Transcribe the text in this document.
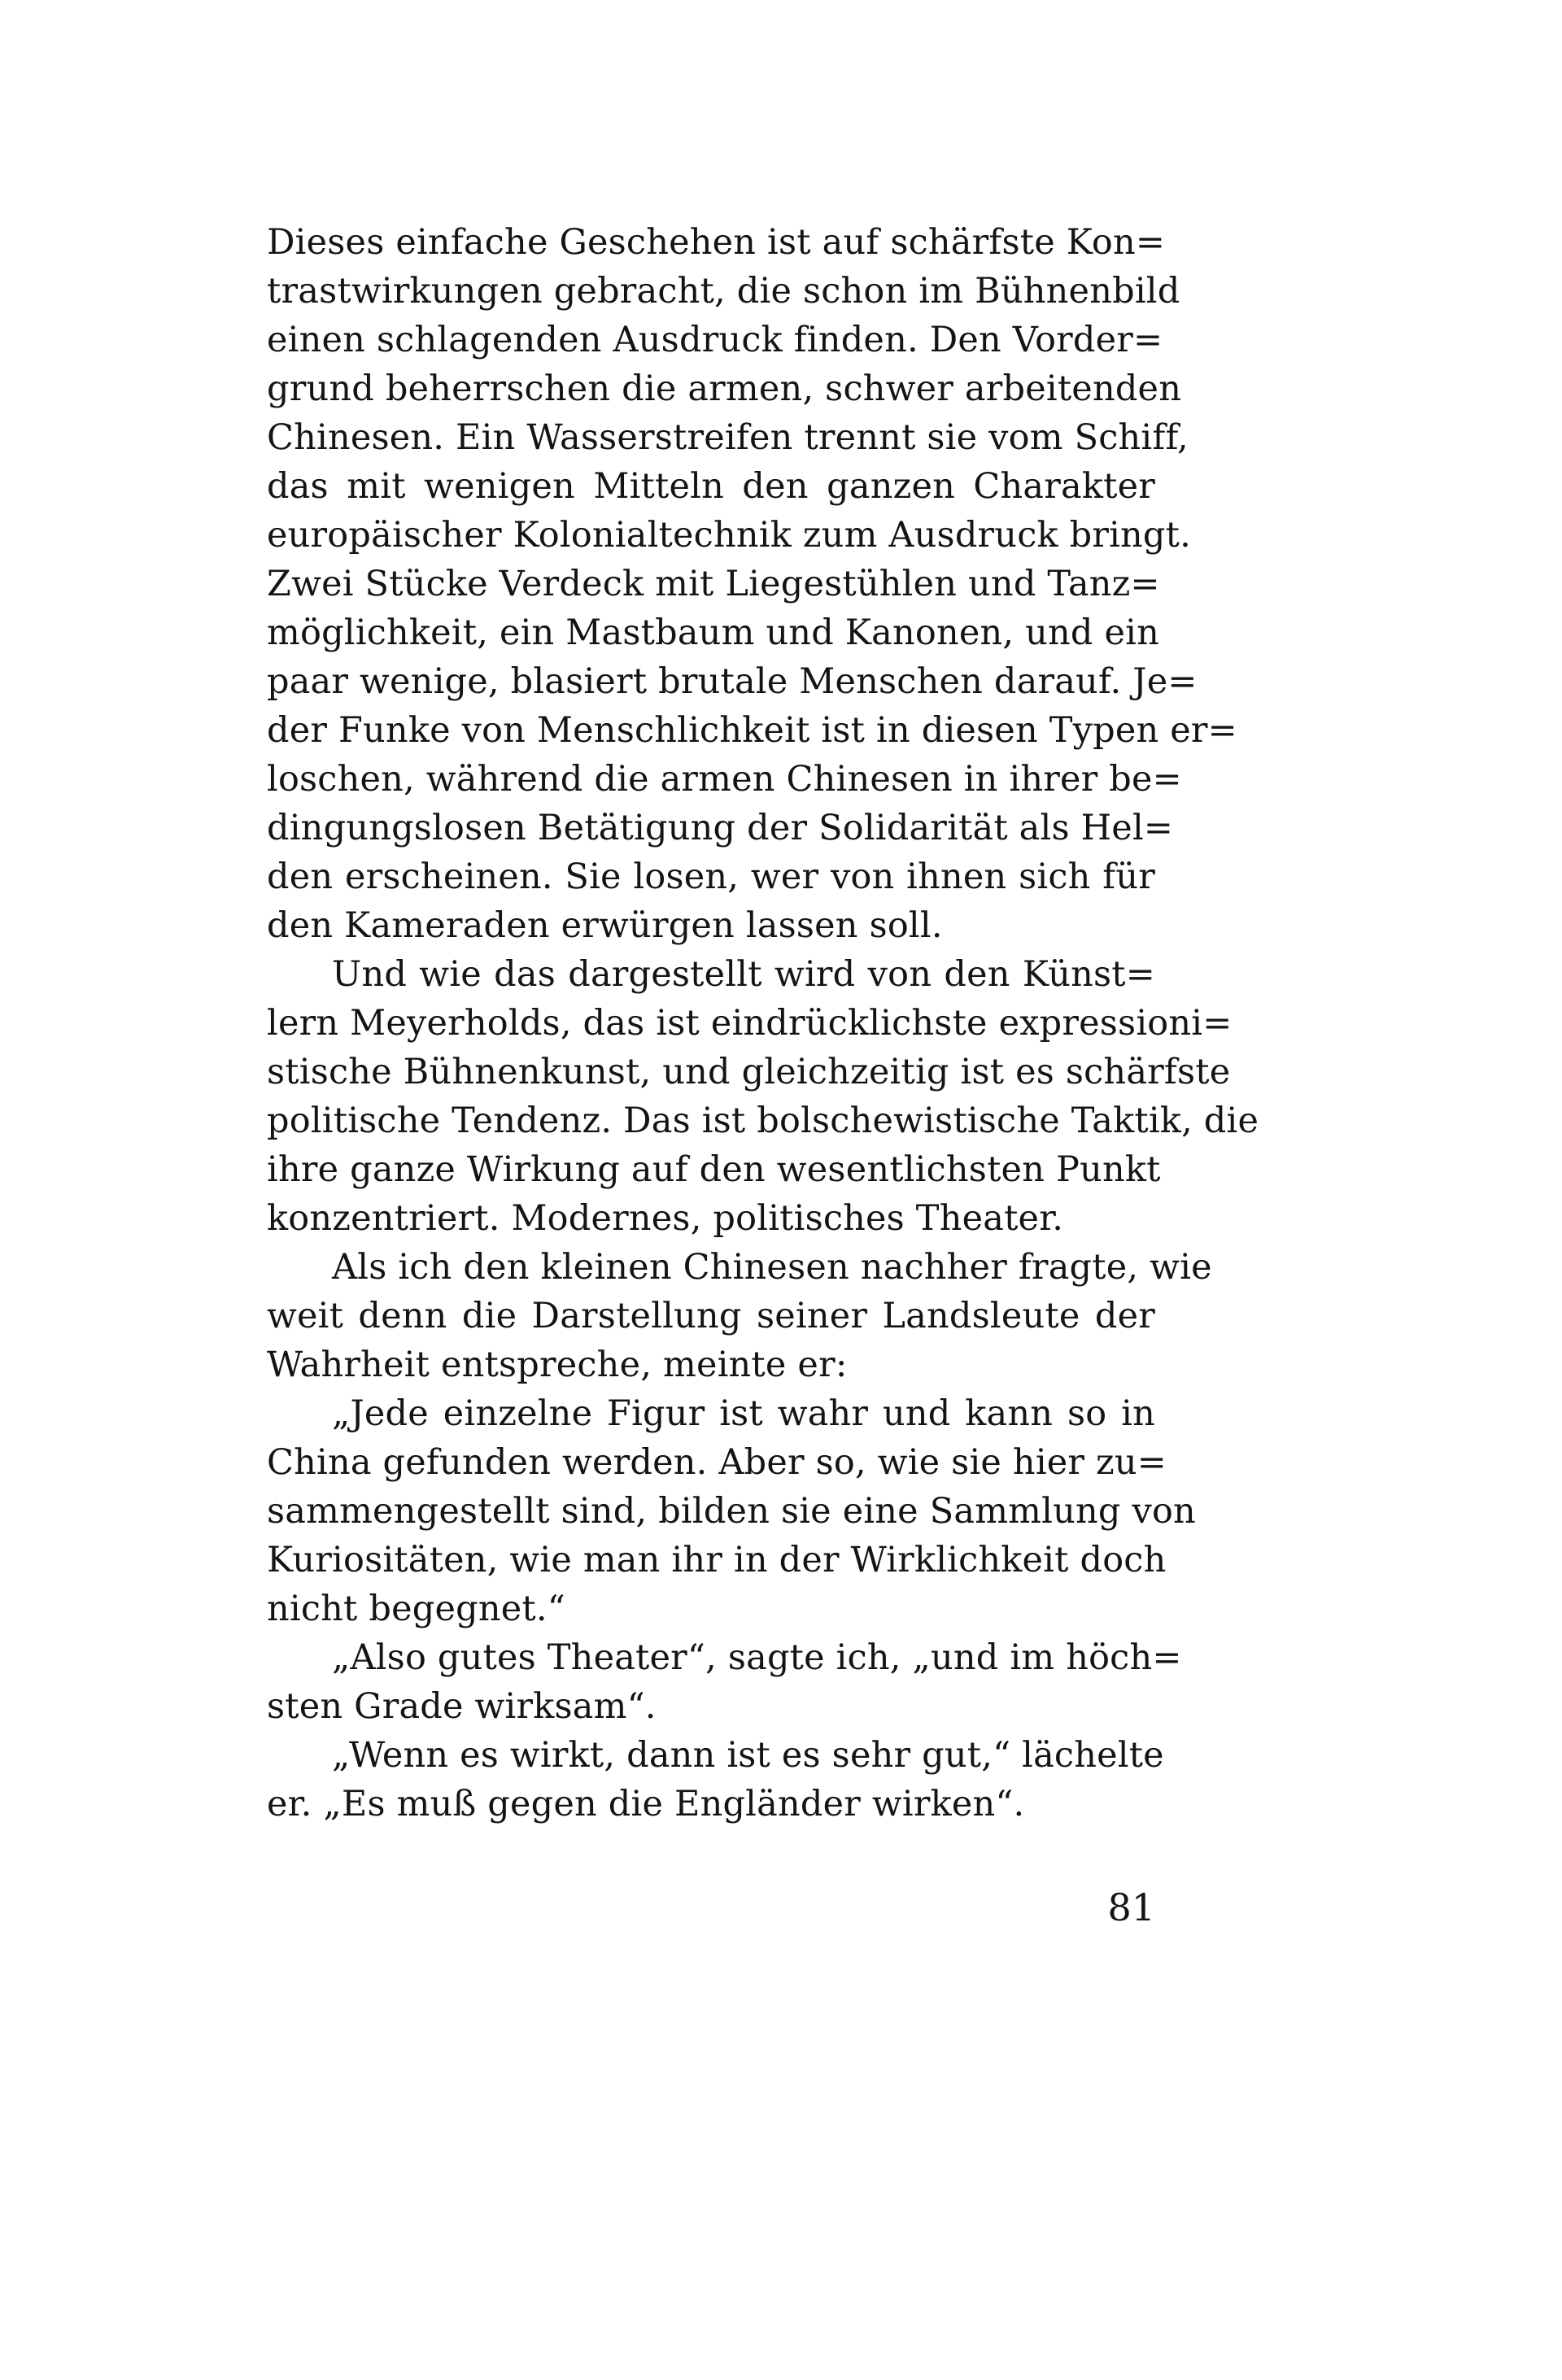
Dieses einfache Geschehen ist auf schärfste Kon=
trastwirkungen gebracht, die schon im Bühnenbild
einen schlagenden Ausdruck finden. Den Vorder=
grund beherrschen die armen, schwer arbeitenden
Chinesen. Ein Wasserstreifen trennt sie vom Schiff,
das mit wenigen Mitteln den ganzen Charakter
europäischer Kolonialtechnik zum Ausdruck bringt.
Zwei Stücke Verdeck mit Liegestühlen und Tanz=
möglichkeit, ein Mastbaum und Kanonen, und ein
paar wenige, blasiert brutale Menschen darauf. Je=
der Funke von Menschlichkeit ist in diesen Typen er=
loschen, während die armen Chinesen in ihrer be=
dingungslosen Betätigung der Solidarität als Hel=
den erscheinen. Sie losen, wer von ihnen sich für
den Kameraden erwürgen lassen soll.
Und wie das dargestellt wird von den Künst=
lern Meyerholds, das ist eindrücklichste expressioni=
stische Bühnenkunst, und gleichzeitig ist es schärfste
politische Tendenz. Das ist bolschewistische Taktik, die
ihre ganze Wirkung auf den wesentlichsten Punkt
konzentriert. Modernes, politisches Theater.
Als ich den kleinen Chinesen nachher fragte, wie
weit denn die Darstellung seiner Landsleute der
Wahrheit entspreche, meinte er:
„Jede einzelne Figur ist wahr und kann so in
China gefunden werden. Aber so, wie sie hier zu=
sammengestellt sind, bilden sie eine Sammlung von
Kuriositäten, wie man ihr in der Wirklichkeit doch
nicht begegnet.“
„Also gutes Theater“, sagte ich, „und im höch=
sten Grade wirksam“.
„Wenn es wirkt, dann ist es sehr gut,“ lächelte
er. „Es muß gegen die Engländer wirken“.
81
